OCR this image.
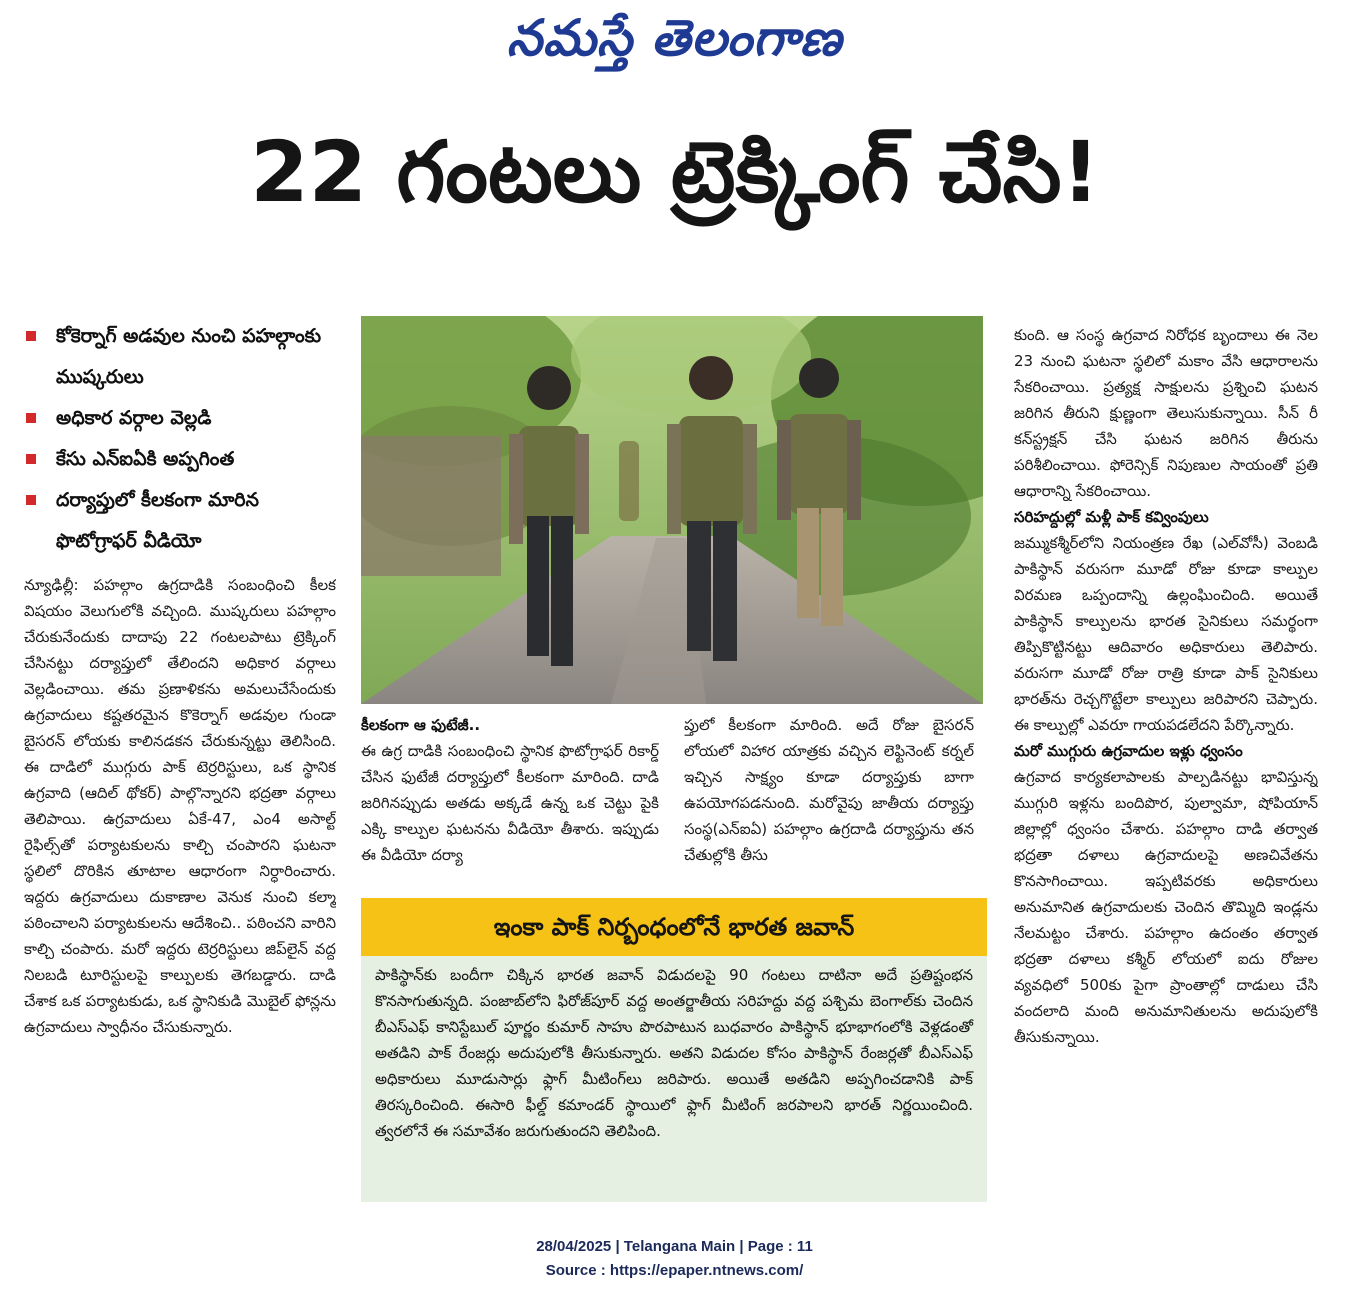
నమస్తే తెలంగాణ
22 గంటలు ట్రెక్కింగ్ చేసి!
కోకెర్నాగ్ అడవుల నుంచి పహల్గాంకు ముష్కరులు
అధికార వర్గాల వెల్లడి
కేసు ఎన్ఐఏకి అప్పగింత
దర్యాప్తులో కీలకంగా మారిన ఫొటోగ్రాఫర్ వీడియో

న్యూఢిల్లీ: పహల్గాం ఉగ్రదాడికి సంబంధించి కీలక విషయం వెలుగులోకి వచ్చింది. ముష్కరులు పహల్గాం చేరుకునేందుకు దాదాపు 22 గంటలపాటు ట్రెక్కింగ్ చేసినట్టు దర్యాప్తులో తేలిందని అధికార వర్గాలు వెల్లడించాయి. తమ ప్రణాళికను అమలుచేసేందుకు ఉగ్రవాదులు కష్టతరమైన కొకెర్నాగ్ అడవుల గుండా బైసరన్ లోయకు కాలినడకన చేరుకున్నట్టు తెలిసింది. ఈ దాడిలో ముగ్గురు పాక్ టెర్రరిస్టులు, ఒక స్థానిక ఉగ్రవాది (ఆదిల్ థోకర్) పాల్గొన్నారని భద్రతా వర్గాలు తెలిపాయి. ఉగ్రవాదులు ఏకే-47, ఎం4 అసాల్ట్ రైఫిల్స్‌తో పర్యాటకులను కాల్చి చంపారని ఘటనా స్థలిలో దొరికిన తూటాల ఆధారంగా నిర్ధారించారు. ఇద్దరు ఉగ్రవాదులు దుకాణాల వెనుక నుంచి కల్మా పఠించాలని పర్యాటకులను ఆదేశించి.. పఠించని వారిని కాల్చి చంపారు. మరో ఇద్దరు టెర్రరిస్టులు జిప్‌లైన్ వద్ద నిలబడి టూరిస్టులపై కాల్పులకు తెగబడ్డారు. దాడి చేశాక ఒక పర్యాటకుడు, ఒక స్థానికుడి మొబైల్ ఫోన్లను ఉగ్రవాదులు స్వాధీనం చేసుకున్నారు.

కీలకంగా ఆ ఫుటేజీ..

ఈ ఉగ్ర దాడికి సంబంధించి స్థానిక ఫొటోగ్రాఫర్ రికార్డ్ చేసిన ఫుటేజీ దర్యాప్తులో కీలకంగా మారింది. దాడి జరిగినప్పుడు అతడు అక్కడే ఉన్న ఒక చెట్టు పైకి ఎక్కి కాల్పుల ఘటనను వీడియో తీశారు. ఇప్పుడు ఈ వీడియో దర్యా

ప్తులో కీలకంగా మారింది. అదే రోజు బైసరన్ లోయలో విహార యాత్రకు వచ్చిన లెఫ్టినెంట్ కర్నల్ ఇచ్చిన సాక్ష్యం కూడా దర్యాప్తుకు బాగా ఉపయోగపడనుంది. మరోవైపు జాతీయ దర్యాప్తు సంస్థ(ఎన్ఐఏ) పహల్గాం ఉగ్రదాడి దర్యాప్తును తన చేతుల్లోకి తీసు

ఇంకా పాక్ నిర్బంధంలోనే భారత జవాన్

పాకిస్థాన్‌కు బందీగా చిక్కిన భారత జవాన్ విడుదలపై 90 గంటలు దాటినా అదే ప్రతిష్టంభన కొనసాగుతున్నది. పంజాబ్‌లోని ఫిరోజ్‌పూర్ వద్ద అంతర్జాతీయ సరిహద్దు వద్ద పశ్చిమ బెంగాల్‌కు చెందిన బీఎస్ఎఫ్ కానిస్టేబుల్ పూర్ణం కుమార్ సాహు పొరపాటున బుధవారం పాకిస్థాన్ భూభాగంలోకి వెళ్లడంతో అతడిని పాక్ రేంజర్లు అదుపులోకి తీసుకున్నారు. అతని విడుదల కోసం పాకిస్థాన్ రేంజర్లతో బీఎస్ఎఫ్ అధికారులు మూడుసార్లు ఫ్లాగ్ మీటింగ్‌లు జరిపారు. అయితే అతడిని అప్పగించడానికి పాక్ తిరస్కరించింది. ఈసారి ఫీల్డ్ కమాండర్ స్థాయిలో ఫ్లాగ్ మీటింగ్ జరపాలని భారత్ నిర్ణయించింది. త్వరలోనే ఈ సమావేశం జరుగుతుందని తెలిపింది.

కుంది. ఆ సంస్థ ఉగ్రవాద నిరోధక బృందాలు ఈ నెల 23 నుంచి ఘటనా స్థలిలో మకాం వేసి ఆధారాలను సేకరించాయి. ప్రత్యక్ష సాక్షులను ప్రశ్నించి ఘటన జరిగిన తీరుని క్షుణ్ణంగా తెలుసుకున్నాయి. సీన్ రీ కన్‌స్ట్రక్షన్ చేసి ఘటన జరిగిన తీరును పరిశీలించాయి. ఫోరెన్సిక్ నిపుణుల సాయంతో ప్రతి ఆధారాన్ని సేకరించాయి.

సరిహద్దుల్లో మళ్లీ పాక్ కవ్వింపులు

జమ్ముకశ్మీర్‌లోని నియంత్రణ రేఖ (ఎల్‌వోసీ) వెంబడి పాకిస్థాన్ వరుసగా మూడో రోజు కూడా కాల్పుల విరమణ ఒప్పందాన్ని ఉల్లంఘించింది. అయితే పాకిస్థాన్ కాల్పులను భారత సైనికులు సమర్థంగా తిప్పికొట్టినట్టు ఆదివారం అధికారులు తెలిపారు. వరుసగా మూడో రోజు రాత్రి కూడా పాక్ సైనికులు భారత్‌ను రెచ్చగొట్టేలా కాల్పులు జరిపారని చెప్పారు. ఈ కాల్పుల్లో ఎవరూ గాయపడలేదని పేర్కొన్నారు.

మరో ముగ్గురు ఉగ్రవాదుల ఇళ్లు ధ్వంసం

ఉగ్రవాద కార్యకలాపాలకు పాల్పడినట్టు భావిస్తున్న ముగ్గురి ఇళ్లను బందిపొర, పుల్వామా, షోపియాన్ జిల్లాల్లో ధ్వంసం చేశారు. పహల్గాం దాడి తర్వాత భద్రతా దళాలు ఉగ్రవాదులపై అణచివేతను కొనసాగించాయి. ఇప్పటివరకు అధికారులు అనుమానిత ఉగ్రవాదులకు చెందిన తొమ్మిది ఇండ్లను నేలమట్టం చేశారు. పహల్గాం ఉదంతం తర్వాత భద్రతా దళాలు కశ్మీర్ లోయలో ఐదు రోజుల వ్యవధిలో 500కు పైగా ప్రాంతాల్లో దాడులు చేసి వందలాది మంది అనుమానితులను అదుపులోకి తీసుకున్నాయి.

28/04/2025 | Telangana Main | Page : 11
Source : https://epaper.ntnews.com/
